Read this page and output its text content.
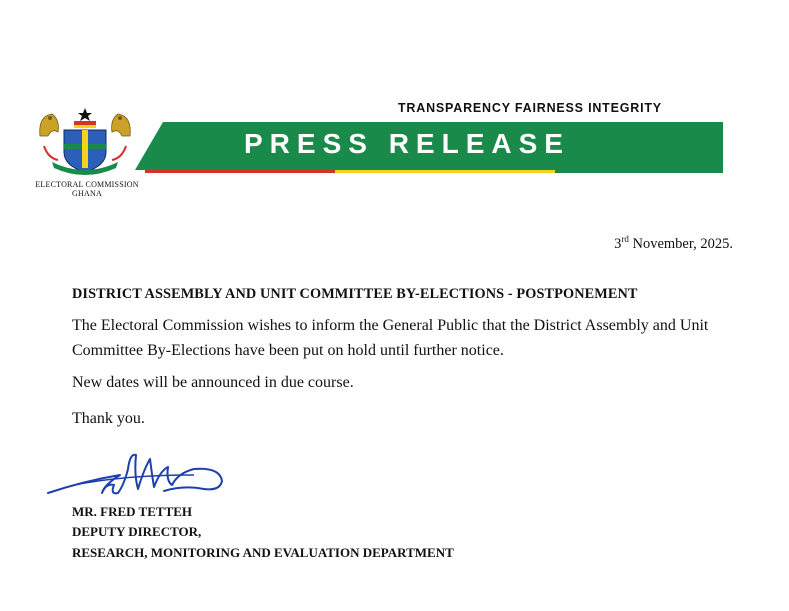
ELECTORAL COMMISSION
GHANA
TRANSPARENCY FAIRNESS INTEGRITY
PRESS RELEASE
3rd November, 2025.
DISTRICT ASSEMBLY AND UNIT COMMITTEE BY-ELECTIONS - POSTPONEMENT
The Electoral Commission wishes to inform the General Public that the District Assembly and Unit Committee By-Elections have been put on hold until further notice.
New dates will be announced in due course.
Thank you.
MR. FRED TETTEH
DEPUTY DIRECTOR,
RESEARCH, MONITORING AND EVALUATION DEPARTMENT
